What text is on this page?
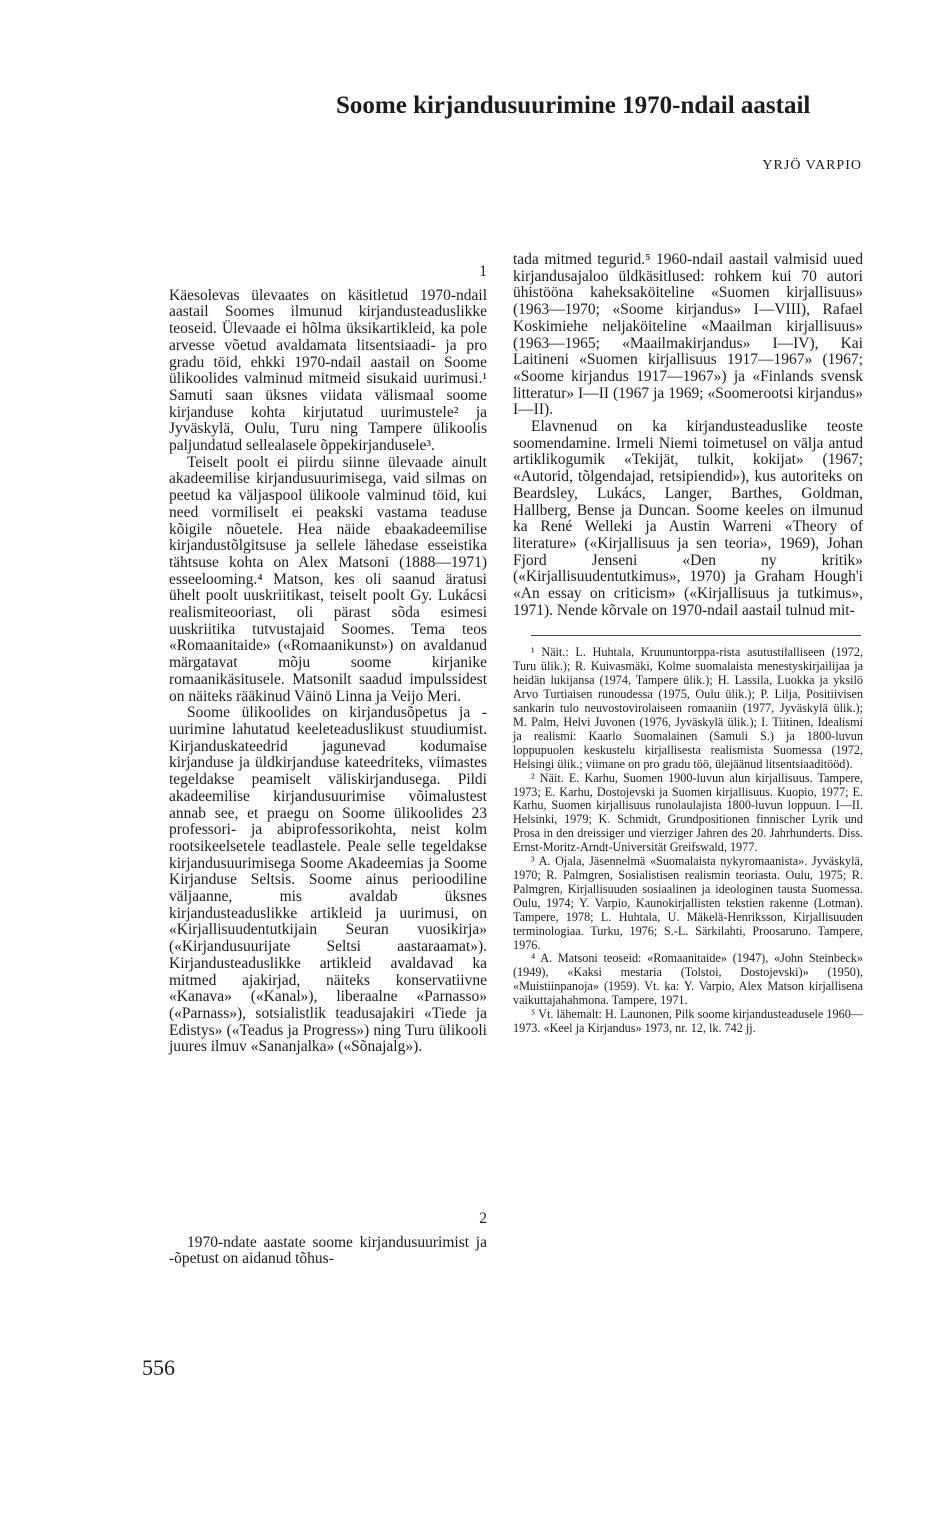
Soome kirjandusuurimine 1970-ndail aastail
YRJÖ VARPIO
1

Käesolevas ülevaates on käsitletud 1970-ndail aastail Soomes ilmunud kirjandusteaduslikke teoseid. Ülevaade ei hõlma üksikartikleid, ka pole arvesse võetud avaldamata litsentsiaadi- ja pro gradu töid, ehkki 1970-ndail aastail on Soome ülikoolides valminud mitmeid sisukaid uurimusi.¹ Samuti saan üksnes viidata välismaal soome kirjanduse kohta kirjutatud uurimustele² ja Jyväskylä, Oulu, Turu ning Tampere ülikoolis paljundatud sellealasele õppekirjandusele³.

Teiselt poolt ei piirdu siinne ülevaade ainult akadeemilise kirjandusuurimisega, vaid silmas on peetud ka väljaspool ülikoole valminud töid, kui need vormiliselt ei peakski vastama teaduse kõigile nõuetele. Hea näide ebaakadeemilise kirjandustõlgitsuse ja sellele lähedase esseistika tähtsuse kohta on Alex Matsoni (1888—1971) esseelooming.⁴ Matson, kes oli saanud äratusi ühelt poolt uuskriitikast, teiselt poolt Gy. Lukácsi realismiteooriast, oli pärast sõda esimesi uuskriitika tutvustajaid Soomes. Tema teos «Romaanitaide» («Romaanikunst») on avaldanud märgatavat mõju soome kirjanike romaanikäsitusele. Matsonilt saadud impulssidest on näiteks rääkinud Väinö Linna ja Veijo Meri.

Soome ülikoolides on kirjandusõpetus ja -uurimine lahutatud keeleteaduslikust stuudiumist. Kirjanduskateedrid jagunevad kodumaise kirjanduse ja üldkirjanduse kateedriteks, viimastes tegeldakse peamiselt väliskirjandusega. Pildi akadeemilise kirjandusuurimise võimalustest annab see, et praegu on Soome ülikoolides 23 professori- ja abiprofessorikohta, neist kolm rootsikeelsetele teadlastele. Peale selle tegeldakse kirjandusuurimisega Soome Akadeemias ja Soome Kirjanduse Seltsis. Soome ainus perioodiline väljaanne, mis avaldab üksnes kirjandusteaduslikke artikleid ja uurimusi, on «Kirjallisuudentutkijain Seuran vuosikirja» («Kirjandusuurijate Seltsi aastaraamat»). Kirjandusteaduslikke artikleid avaldavad ka mitmed ajakirjad, näiteks konservatiivne «Kanava» («Kanal»), liberaalne «Parnasso» («Parnass»), sotsialistlik teadusajakiri «Tiede ja Edistys» («Teadus ja Progress») ning Turu ülikooli juures ilmuv «Sananjalka» («Sõnajalg»).

2

1970-ndate aastate soome kirjandusuurimist ja -õpetust on aidanud tõhus-

tada mitmed tegurid.⁵ 1960-ndail aastail valmisid uued kirjandusajaloo üldkäsitlused: rohkem kui 70 autori ühistööna kaheksaköiteline «Suomen kirjallisuus» (1963—1970; «Soome kirjandus» I—VIII), Rafael Koskimiehe neljaköiteline «Maailman kirjallisuus» (1963—1965; «Maailmakirjandus» I—IV), Kai Laitineni «Suomen kirjallisuus 1917—1967» (1967; «Soome kirjandus 1917—1967») ja «Finlands svensk litteratur» I—II (1967 ja 1969; «Soomerootsi kirjandus» I—II).

Elavnenud on ka kirjandusteaduslike teoste soomendamine. Irmeli Niemi toimetusel on välja antud artiklikogumik «Tekijät, tulkit, kokijat» (1967; «Autorid, tõlgendajad, retsipiendid»), kus autoriteks on Beardsley, Lukács, Langer, Barthes, Goldman, Hallberg, Bense ja Duncan. Soome keeles on ilmunud ka René Welleki ja Austin Warreni «Theory of literature» («Kirjallisuus ja sen teoria», 1969), Johan Fjord Jenseni «Den ny kritik» («Kirjallisuudentutkimus», 1970) ja Graham Hough'i «An essay on criticism» («Kirjallisuus ja tutkimus», 1971). Nende kõrvale on 1970-ndail aastail tulnud mit-

¹ Näit.: L. Huhtala, Kruununtorppa-rista asutustilalliseen (1972, Turu ülik.); R. Kuivasmäki, Kolme suomalaista menestyskirjailijaa ja heidän lukijansa (1974, Tampere ülik.); H. Lassila, Luokka ja yksilö Arvo Turtiaisen runoudessa (1975, Oulu ülik.); P. Lilja, Positiivisen sankarin tulo neuvostovirolaiseen romaaniin (1977, Jyväskylä ülik.); M. Palm, Helvi Juvonen (1976, Jyväskylä ülik.); I. Tiitinen, Idealismi ja realismi: Kaarlo Suomalainen (Samuli S.) ja 1800-luvun loppupuolen keskustelu kirjallisesta realismista Suomessa (1972, Helsingi ülik.; viimane on pro gradu töö, ülejäänud litsentsiaaditööd).

² Näit. E. Karhu, Suomen 1900-luvun alun kirjallisuus. Tampere, 1973; E. Karhu, Dostojevski ja Suomen kirjallisuus. Kuopio, 1977; E. Karhu, Suomen kirjallisuus runolaulajista 1800-luvun loppuun. I—II. Helsinki, 1979; K. Schmidt, Grundpositionen finnischer Lyrik und Prosa in den dreissiger und vierziger Jahren des 20. Jahrhunderts. Diss. Ernst-Moritz-Arndt-Universität Greifswald, 1977.

³ A. Ojala, Jäsennelmä «Suomalaista nykyromaanista». Jyväskylä, 1970; R. Palmgren, Sosialistisen realismin teoriasta. Oulu, 1975; R. Palmgren, Kirjallisuuden sosiaalinen ja ideologinen tausta Suomessa. Oulu, 1974; Y. Varpio, Kaunokirjallisten tekstien rakenne (Lotman). Tampere, 1978; L. Huhtala, U. Mäkelä-Henriksson, Kirjallisuuden terminologiaa. Turku, 1976; S.-L. Särkilahti, Proosaruno. Tampere, 1976.

⁴ A. Matsoni teoseid: «Romaanitaide» (1947), «John Steinbeck» (1949), «Kaksi mestaria (Tolstoi, Dostojevski)» (1950), «Muistiinpanoja» (1959). Vt. ka: Y. Varpio, Alex Matson kirjallisena vaikuttajahahmona. Tampere, 1971.

⁵ Vt. lähemalt: H. Launonen, Pilk soome kirjandusteadusele 1960—1973. «Keel ja Kirjandus» 1973, nr. 12, lk. 742 jj.

556
